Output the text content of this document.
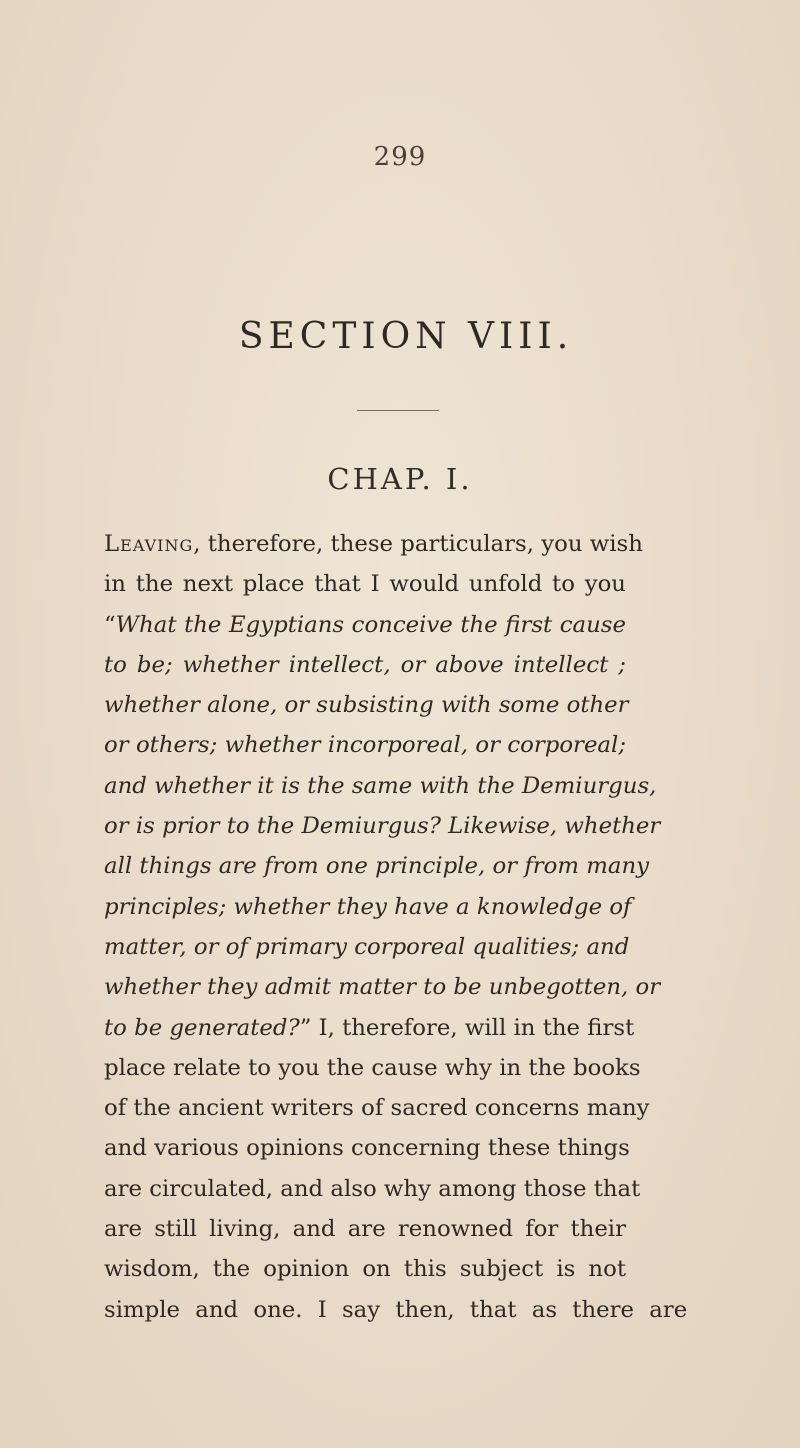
299
SECTION VIII.
CHAP. I.
Leaving, therefore, these particulars, you wish
in the next place that I would unfold to you
“What the Egyptians conceive the first cause
to be; whether intellect, or above intellect ;
whether alone, or subsisting with some other
or others; whether incorporeal, or corporeal;
and whether it is the same with the Demiurgus,
or is prior to the Demiurgus? Likewise, whether
all things are from one principle, or from many
principles; whether they have a knowledge of
matter, or of primary corporeal qualities; and
whether they admit matter to be unbegotten, or
to be generated?” I, therefore, will in the first
place relate to you the cause why in the books
of the ancient writers of sacred concerns many
and various opinions concerning these things
are circulated, and also why among those that
are still living, and are renowned for their
wisdom, the opinion on this subject is not
simple and one. I say then, that as there are
